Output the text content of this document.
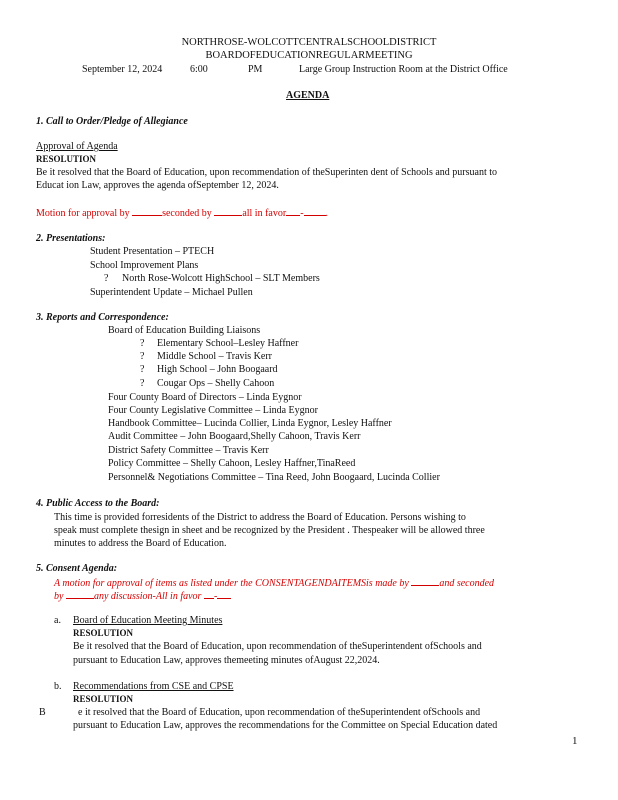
NORTHROSE-WOLCOTTCENTRALSCHOOLDISTRICT
BOARDOFEDUCATIONREGULARMEETING
September 12, 2024	6:00	PM	Large Group Instruction Room at the District Office
AGENDA
1. Call to Order/Pledge of Allegiance
Approval of Agenda
RESOLUTION
Be it resolved that the Board of Education, upon recommendation of theSuperinten dent of Schools and pursuant to
Educat ion Law, approves the agenda ofSeptember 12, 2024.
Motion for approval by	seconded by	all in favor - .
2. Presentations:
Student Presentation – PTECH
School Improvement Plans
? North Rose-Wolcott HighSchool – SLT Members
Superintendent Update – Michael Pullen
3. Reports and Correspondence:
Board of Education Building Liaisons
? Elementary School–Lesley Haffner
? Middle School – Travis Kerr
? High School – John Boogaard
? Cougar Ops – Shelly Cahoon
Four County Board of Directors – Linda Eygnor
Four County Legislative Committee – Linda Eygnor
Handbook Committee– Lucinda Collier, Linda Eygnor, Lesley Haffner
Audit Committee – John Boogaard,Shelly Cahoon, Travis Kerr
District Safety Committee – Travis Kerr
Policy Committee – Shelly Cahoon, Lesley Haffner,TinaReed
Personnel& Negotiations Committee – Tina Reed, John Boogaard, Lucinda Collier
4. Public Access to the Board:
This time is provided forresidents of the District to address the Board of Education. Persons wishing to
speak must complete thesign in sheet and be recognized by the President . Thespeaker will be allowed three
minutes to address the Board of Education.
5. Consent Agenda:
A motion for approval of items as listed under the CONSENTAGENDAITEMSis made by	and seconded
by	any discussion-All in favor -
a. Board of Education Meeting Minutes
RESOLUTION
Be it resolved that the Board of Education, upon recommendation of theSuperintendent ofSchools and
pursuant to Education Law, approves themeeting minutes ofAugust 22,2024.
b. Recommendations from CSE and CPSE
RESOLUTION
B	e it resolved that the Board of Education, upon recommendation of theSuperintendent ofSchools and
pursuant to Education Law, approves the recommendations for the Committee on Special Education dated
1
